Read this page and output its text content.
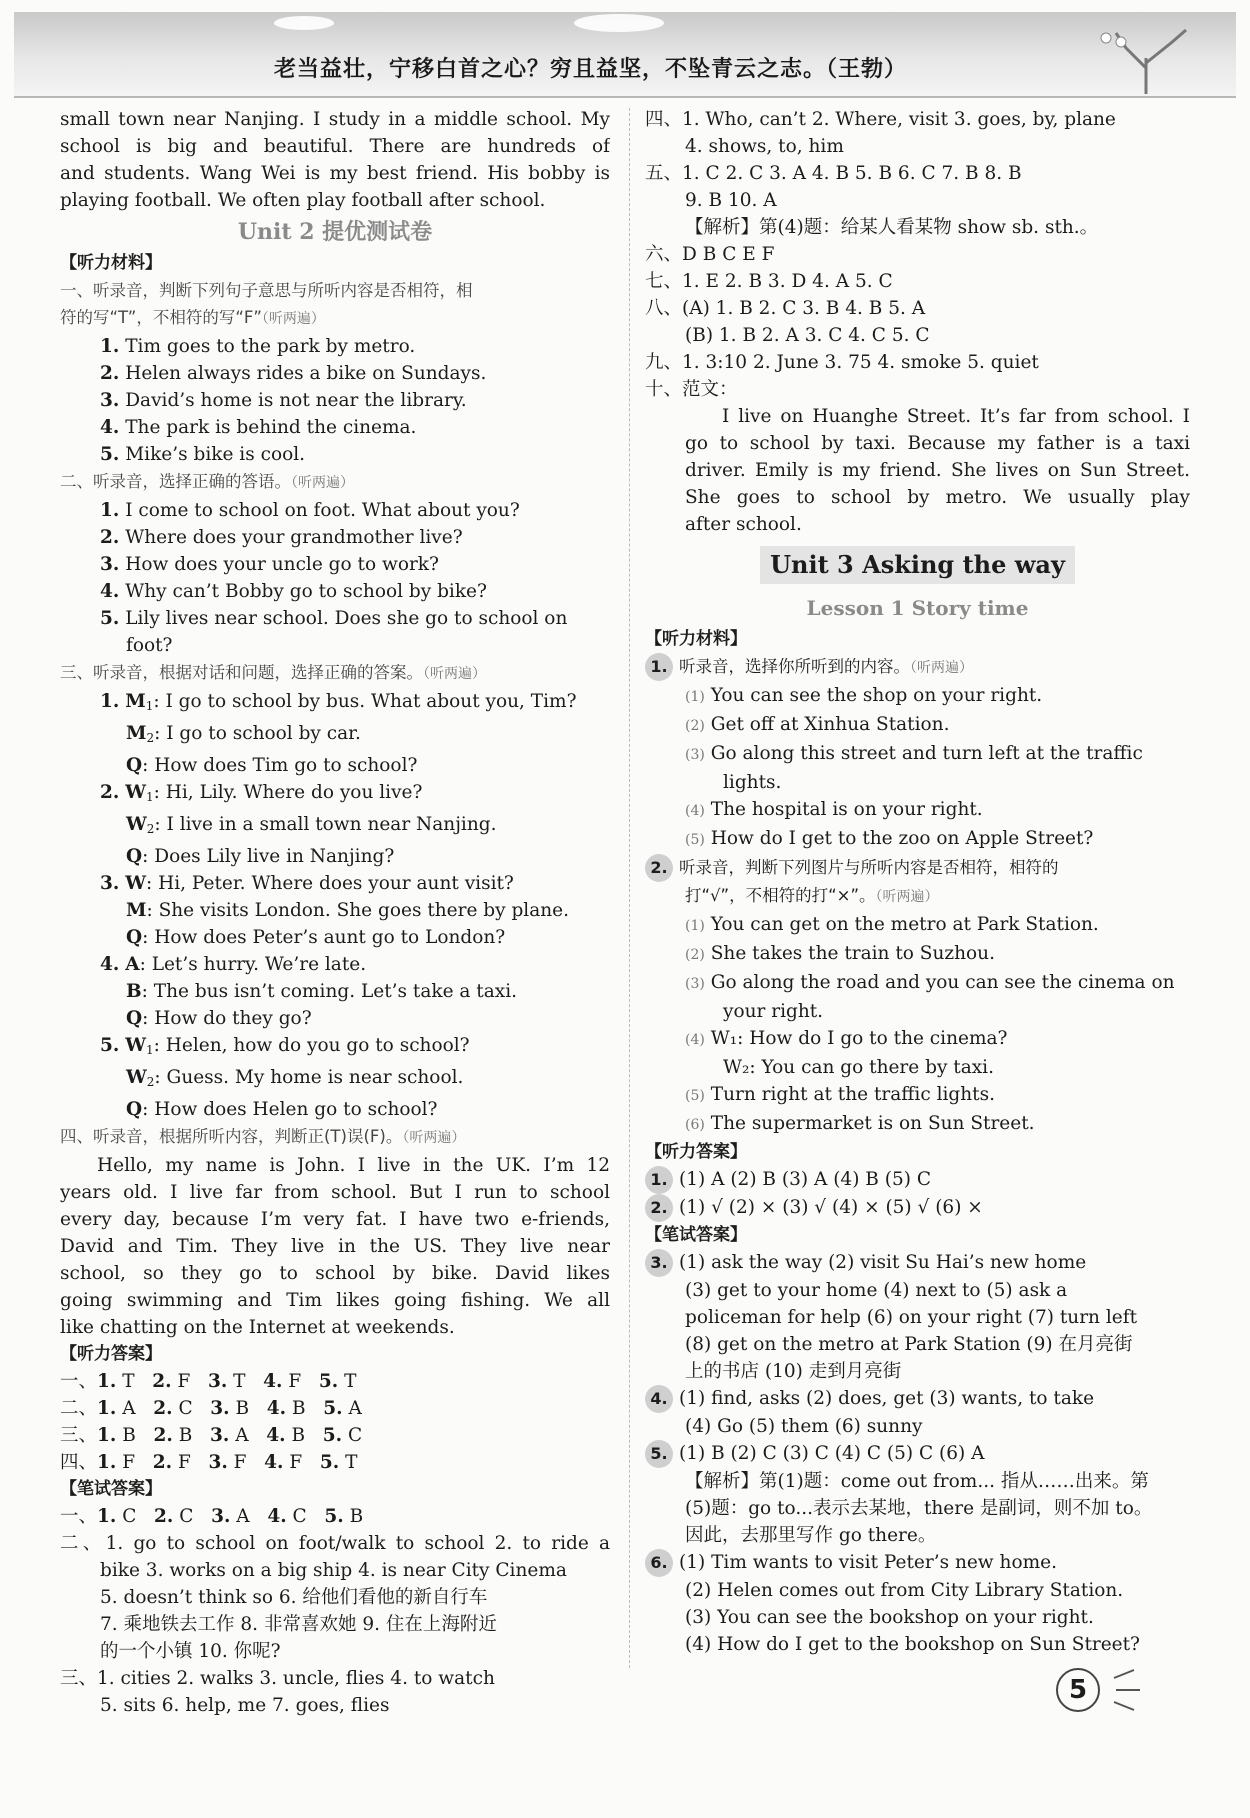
老当益壮，宁移白首之心？穷且益坚，不坠青云之志。（王勃）
small town near Nanjing. I study in a middle school. My
school is big and beautiful. There are hundreds of
and students. Wang Wei is my best friend. His bobby is
playing football. We often play football after school.
Unit 2 提优测试卷
【听力材料】
一、听录音，判断下列句子意思与所听内容是否相符，相
符的写“T”，不相符的写“F”（听两遍）
1. Tim goes to the park by metro.
2. Helen always rides a bike on Sundays.
3. David’s home is not near the library.
4. The park is behind the cinema.
5. Mike’s bike is cool.
二、听录音，选择正确的答语。（听两遍）
1. I come to school on foot. What about you?
2. Where does your grandmother live?
3. How does your uncle go to work?
4. Why can’t Bobby go to school by bike?
5. Lily lives near school. Does she go to school on
foot?
三、听录音，根据对话和问题，选择正确的答案。（听两遍）
1. $M_1$: I go to school by bus. What about you, Tim?
$M_2$: I go to school by car.
Q: How does Tim go to school?
2. $W_1$: Hi, Lily. Where do you live?
$W_2$: I live in a small town near Nanjing.
Q: Does Lily live in Nanjing?
3. W: Hi, Peter. Where does your aunt visit?
M: She visits London. She goes there by plane.
Q: How does Peter’s aunt go to London?
4. A: Let’s hurry. We’re late.
B: The bus isn’t coming. Let’s take a taxi.
Q: How do they go?
5. $W_1$: Helen, how do you go to school?
$W_2$: Guess. My home is near school.
Q: How does Helen go to school?
四、听录音，根据所听内容，判断正(T)误(F)。（听两遍）
Hello, my name is John. I live in the UK. I’m 12
years old. I live far from school. But I run to school
every day, because I’m very fat. I have two e-friends,
David and Tim. They live in the US. They live near
school, so they go to school by bike. David likes
going swimming and Tim likes going fishing. We all
like chatting on the Internet at weekends.
【听力答案】
一、1. T 2. F 3. T 4. F 5. T
二、1. A 2. C 3. B 4. B 5. A
三、1. B 2. B 3. A 4. B 5. C
四、1. F 2. F 3. F 4. F 5. T
【笔试答案】
一、1. C 2. C 3. A 4. C 5. B
二、1. go to school on foot/walk to school 2. to ride a
bike 3. works on a big ship 4. is near City Cinema
5. doesn’t think so 6. 给他们看他的新自行车
7. 乘地铁去工作 8. 非常喜欢她 9. 住在上海附近
的一个小镇 10. 你呢?
三、1. cities 2. walks 3. uncle, flies 4. to watch
5. sits 6. help, me 7. goes, flies
四、1. Who, can’t 2. Where, visit 3. goes, by, plane
4. shows, to, him
五、1. C 2. C 3. A 4. B 5. B 6. C 7. B 8. B
9. B 10. A
【解析】第(4)题：给某人看某物 show sb. sth.。
六、D B C E F
七、1. E 2. B 3. D 4. A 5. C
八、(A) 1. B 2. C 3. B 4. B 5. A
(B) 1. B 2. A 3. C 4. C 5. C
九、1. 3:10 2. June 3. 75 4. smoke 5. quiet
十、范文：
I live on Huanghe Street. It’s far from school. I
go to school by taxi. Because my father is a taxi
driver. Emily is my friend. She lives on Sun Street.
She goes to school by metro. We usually play
after school.
Unit 3 Asking the way
Lesson 1 Story time
【听力材料】
1. 听录音，选择你所听到的内容。（听两遍）
(1) You can see the shop on your right.
(2) Get off at Xinhua Station.
(3) Go along this street and turn left at the traffic
lights.
(4) The hospital is on your right.
(5) How do I get to the zoo on Apple Street?
2. 听录音，判断下列图片与所听内容是否相符，相符的
打“√”，不相符的打“×”。（听两遍）
(1) You can get on the metro at Park Station.
(2) She takes the train to Suzhou.
(3) Go along the road and you can see the cinema on
your right.
(4) W₁: How do I go to the cinema?
W₂: You can go there by taxi.
(5) Turn right at the traffic lights.
(6) The supermarket is on Sun Street.
【听力答案】
1. (1) A (2) B (3) A (4) B (5) C
2. (1) √ (2) × (3) √ (4) × (5) √ (6) ×
【笔试答案】
3. (1) ask the way (2) visit Su Hai’s new home
(3) get to your home (4) next to (5) ask a
policeman for help (6) on your right (7) turn left
(8) get on the metro at Park Station (9) 在月亮街
上的书店 (10) 走到月亮街
4. (1) find, asks (2) does, get (3) wants, to take
(4) Go (5) them (6) sunny
5. (1) B (2) C (3) C (4) C (5) C (6) A
【解析】第(1)题：come out from... 指从……出来。第
(5)题：go to...表示去某地，there 是副词，则不加 to。
因此，去那里写作 go there。
6. (1) Tim wants to visit Peter’s new home.
(2) Helen comes out from City Library Station.
(3) You can see the bookshop on your right.
(4) How do I get to the bookshop on Sun Street?
5
